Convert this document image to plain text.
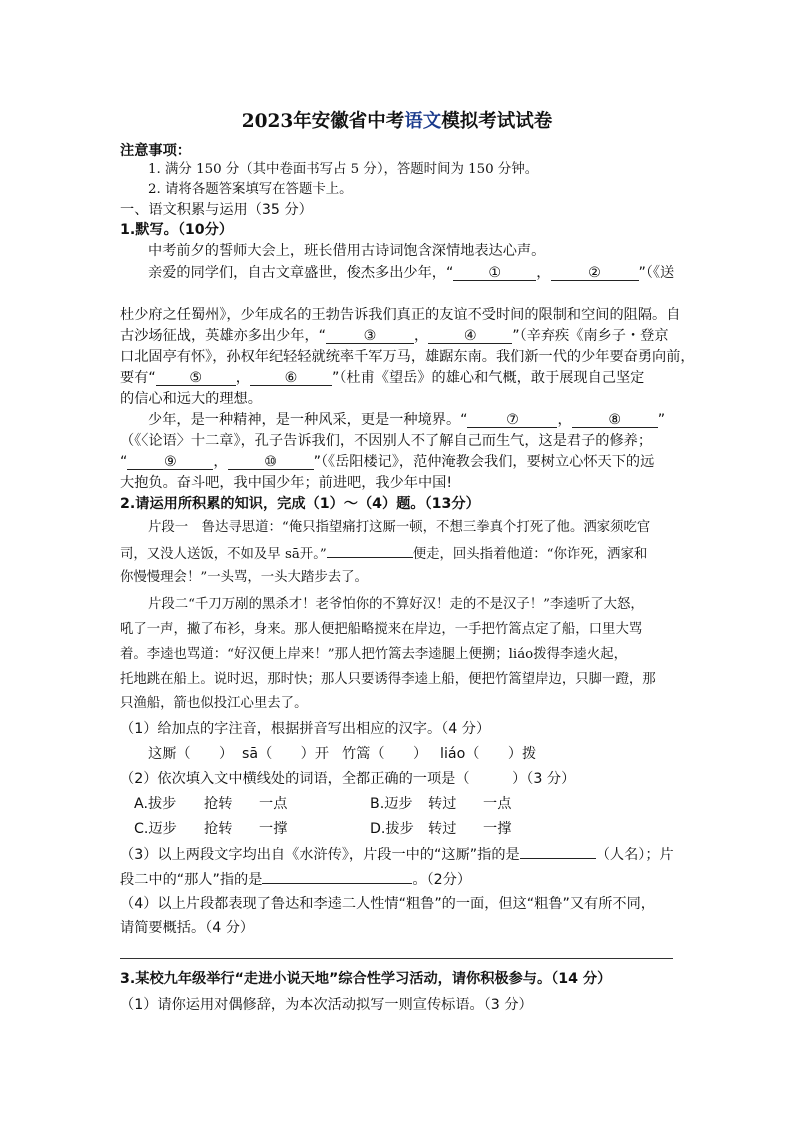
2023年安徽省中考语文模拟考试试卷
注意事项：
1. 满分 150 分（其中卷面书写占 5 分），答题时间为 150 分钟。
2. 请将各题答案填写在答题卡上。
一、语文积累与运用（35 分）
1.默写。（10分）
中考前夕的誓师大会上，班长借用古诗词饱含深情地表达心声。
亲爱的同学们，自古文章盛世，俊杰多出少年，“ ① ，	②	”（《送
杜少府之任蜀州》，少年成名的王勃告诉我们真正的友谊不受时间的限制和空间的阻隔。自
古沙场征战，英雄亦多出少年，“	③	，	④	”（辛弃疾《南乡子・登京
口北固亭有怀》，孙权年纪轻轻就统率千军万马，雄踞东南。我们新一代的少年要奋勇向前，
要有“ ⑤ ， ⑥ ”（杜甫《望岳》的雄心和气概，敢于展现自己坚定
的信心和远大的理想。
少年，是一种精神，是一种风采，更是一种境界。“	⑦	，	⑧	”
（《〈论语〉十二章》，孔子告诉我们，不因别人不了解自己而生气，这是君子的修养；
“	⑨	，	⑩	”（《岳阳楼记》，范仲淹教会我们，要树立心怀天下的远
大抱负。奋斗吧，我中国少年；前进吧，我少年中国!
2.请运用所积累的知识，完成（1）～（4）题。（13分）
片段一　鲁达寻思道：“俺只指望痛打这厮一顿，不想三拳真个打死了他。洒家须吃官
司，又没人送饭，不如及早 sā开。”	便走，回头指着他道：“你诈死，洒家和
你慢慢理会！”一头骂，一头大踏步去了。
片段二“千刀万剐的黑杀才！老爷怕你的不算好汉！走的不是汉子！”李逵听了大怒，
吼了一声，撇了布衫，身来。那人便把船略搅来在岸边，一手把竹篙点定了船，口里大骂
着。李逵也骂道：“好汉便上岸来！”那人把竹篙去李逵腿上便搠；liáo拨得李逵火起，
托地跳在船上。说时迟，那时快；那人只要诱得李逵上船，便把竹篙望岸边，只脚一蹬，那
只渔船，箭也似投江心里去了。
（1）给加点的字注音，根据拼音写出相应的汉字。（4 分）
这厮（　　） sā（　　）开 竹篙（　　） liáo（　　）拨
（2）依次填入文中横线处的词语，全都正确的一项是（　　　）（3 分）
A.拔步 抢转 一点	B.迈步 转过 一点
C.迈步 抢转 一撑	D.拔步 转过 一撑
（3）以上两段文字均出自《水浒传》，片段一中的“这厮”指的是	（人名）；片
段二中的“那人”指的是	。（2分）
（4）以上片段都表现了鲁达和李逵二人性情“粗鲁”的一面，但这“粗鲁”又有所不同，
请简要概括。（4 分）
3.某校九年级举行“走进小说天地”综合性学习活动，请你积极参与。（14 分）
（1）请你运用对偶修辞，为本次活动拟写一则宣传标语。（3 分）
